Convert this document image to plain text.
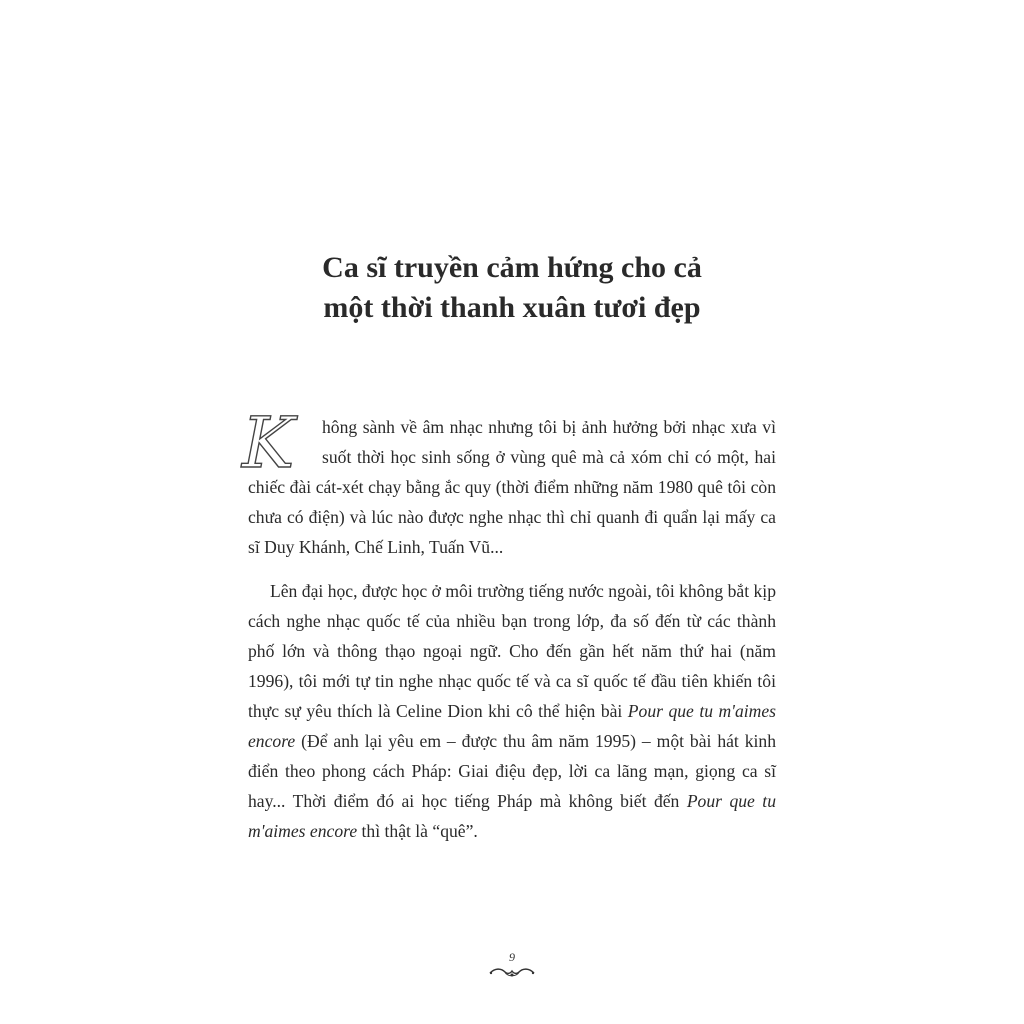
Ca sĩ truyền cảm hứng cho cả
một thời thanh xuân tươi đẹp

K	hông sành về âm nhạc nhưng tôi bị ảnh hưởng bởi nhạc xưa vì suốt thời học sinh sống ở vùng quê mà cả xóm chỉ có một, hai chiếc đài cát-xét chạy bằng ắc quy (thời điểm những năm 1980 quê tôi còn chưa có điện) và lúc nào được nghe nhạc thì chỉ quanh đi quẩn lại mấy ca sĩ Duy Khánh, Chế Linh, Tuấn Vũ...

Lên đại học, được học ở môi trường tiếng nước ngoài, tôi không bắt kịp cách nghe nhạc quốc tế của nhiều bạn trong lớp, đa số đến từ các thành phố lớn và thông thạo ngoại ngữ. Cho đến gần hết năm thứ hai (năm 1996), tôi mới tự tin nghe nhạc quốc tế và ca sĩ quốc tế đầu tiên khiến tôi thực sự yêu thích là Celine Dion khi cô thể hiện bài Pour que tu m'aimes encore (Để anh lại yêu em – được thu âm năm 1995) – một bài hát kinh điển theo phong cách Pháp: Giai điệu đẹp, lời ca lãng mạn, giọng ca sĩ hay... Thời điểm đó ai học tiếng Pháp mà không biết đến Pour que tu m'aimes encore thì thật là “quê”.

9
